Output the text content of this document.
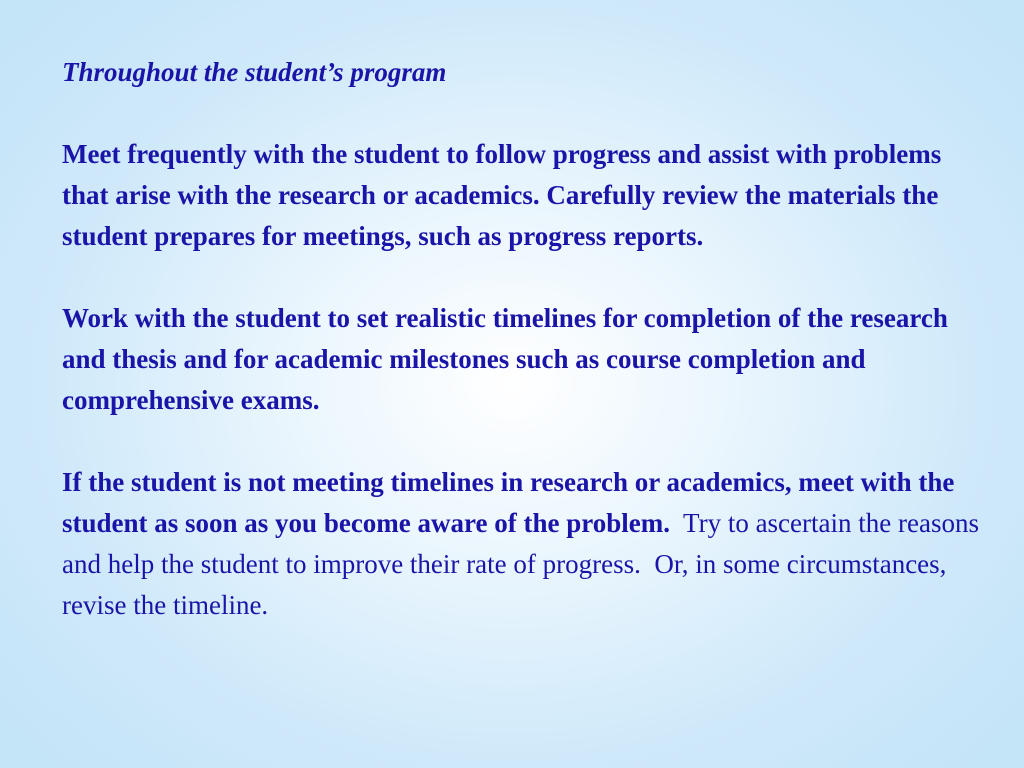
Throughout the student’s program
Meet frequently with the student to follow progress and assist with problems that arise with the research or academics. Carefully review the materials the student prepares for meetings, such as progress reports.
Work with the student to set realistic timelines for completion of the research and thesis and for academic milestones such as course completion and comprehensive exams.
If the student is not meeting timelines in research or academics, meet with the student as soon as you become aware of the problem.  Try to ascertain the reasons and help the student to improve their rate of progress.  Or, in some circumstances, revise the timeline.
